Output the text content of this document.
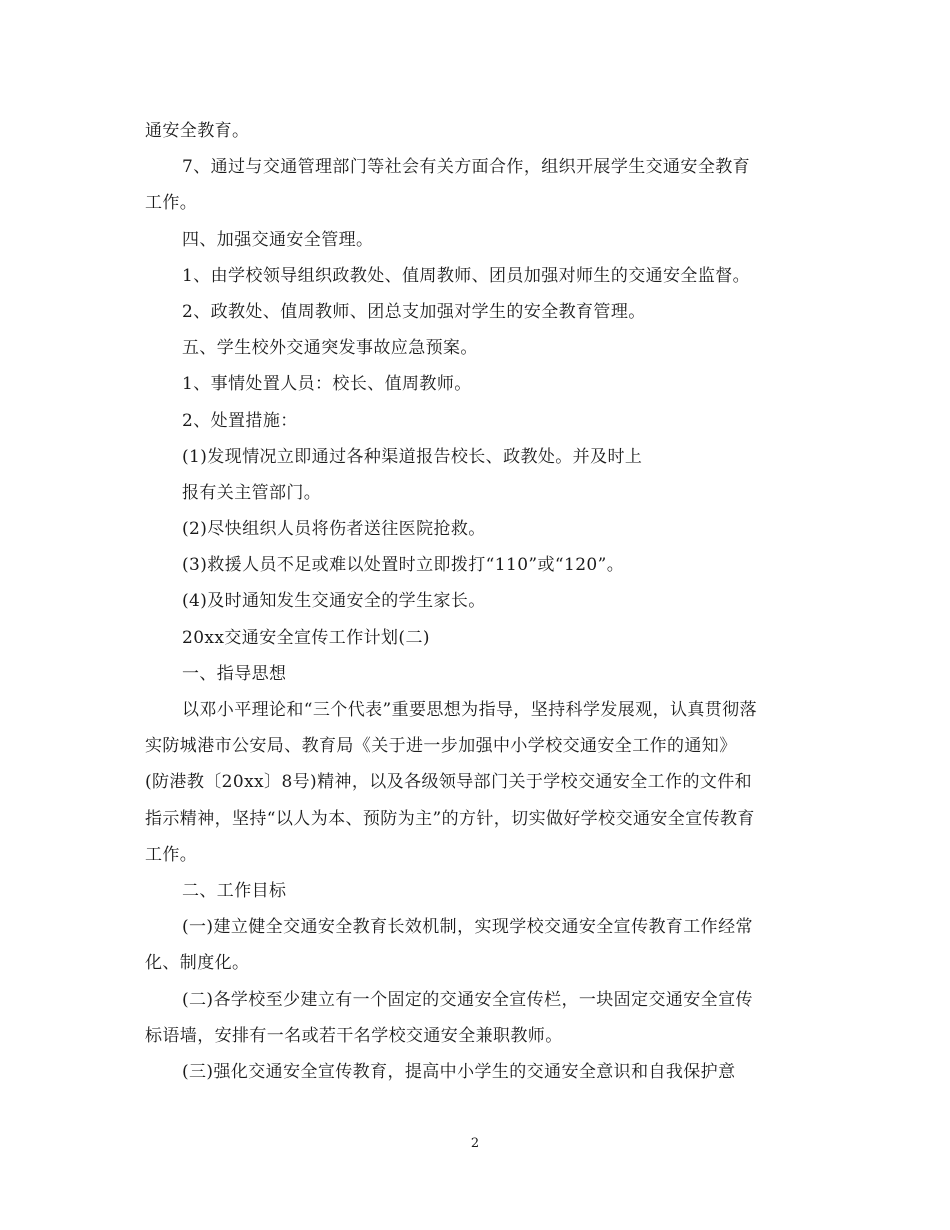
通安全教育。
7、通过与交通管理部门等社会有关方面合作，组织开展学生交通安全教育
工作。
四、加强交通安全管理。
1、由学校领导组织政教处、值周教师、团员加强对师生的交通安全监督。
2、政教处、值周教师、团总支加强对学生的安全教育管理。
五、学生校外交通突发事故应急预案。
1、事情处置人员：校长、值周教师。
2、处置措施：
(1)发现情况立即通过各种渠道报告校长、政教处。并及时上
报有关主管部门。
(2)尽快组织人员将伤者送往医院抢救。
(3)救援人员不足或难以处置时立即拨打“110”或“120”。
(4)及时通知发生交通安全的学生家长。
20xx交通安全宣传工作计划(二)
一、指导思想
以邓小平理论和“三个代表”重要思想为指导，坚持科学发展观，认真贯彻落
实防城港市公安局、教育局《关于进一步加强中小学校交通安全工作的通知》
(防港教〔20xx〕8号)精神，以及各级领导部门关于学校交通安全工作的文件和
指示精神，坚持“以人为本、预防为主”的方针，切实做好学校交通安全宣传教育
工作。
二、工作目标
(一)建立健全交通安全教育长效机制，实现学校交通安全宣传教育工作经常
化、制度化。
(二)各学校至少建立有一个固定的交通安全宣传栏，一块固定交通安全宣传
标语墙，安排有一名或若干名学校交通安全兼职教师。
(三)强化交通安全宣传教育，提高中小学生的交通安全意识和自我保护意
2
